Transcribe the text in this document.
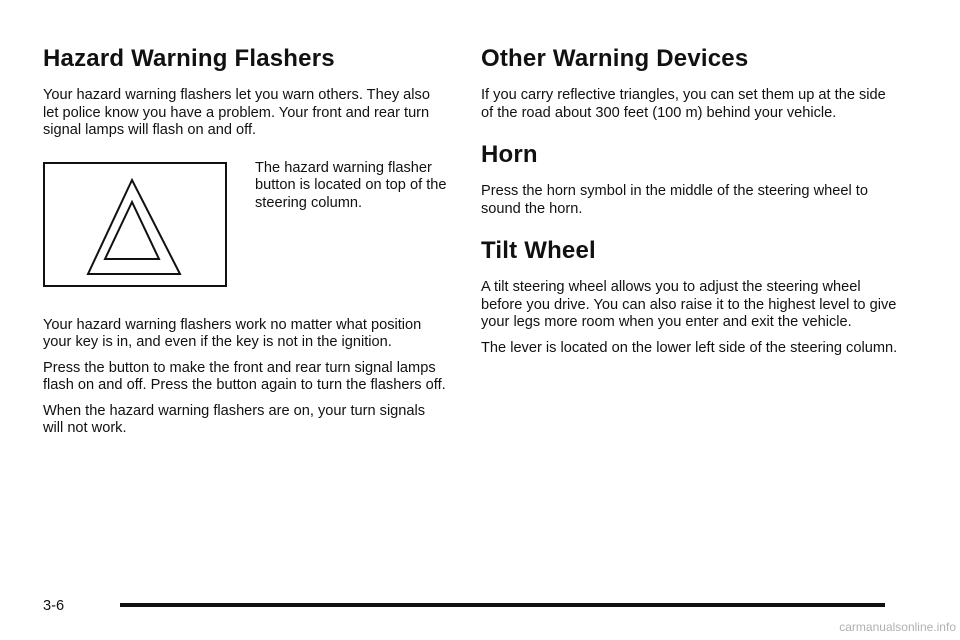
Hazard Warning Flashers

Your hazard warning flashers let you warn others. They also let police know you have a problem. Your front and rear turn signal lamps will flash on and off.

The hazard warning flasher button is located on top of the steering column.

Your hazard warning flashers work no matter what position your key is in, and even if the key is not in the ignition.

Press the button to make the front and rear turn signal lamps flash on and off. Press the button again to turn the flashers off.

When the hazard warning flashers are on, your turn signals will not work.

Other Warning Devices

If you carry reflective triangles, you can set them up at the side of the road about 300 feet (100 m) behind your vehicle.

Horn

Press the horn symbol in the middle of the steering wheel to sound the horn.

Tilt Wheel

A tilt steering wheel allows you to adjust the steering wheel before you drive. You can also raise it to the highest level to give your legs more room when you enter and exit the vehicle.

The lever is located on the lower left side of the steering column.

3-6
carmanualsonline.info
